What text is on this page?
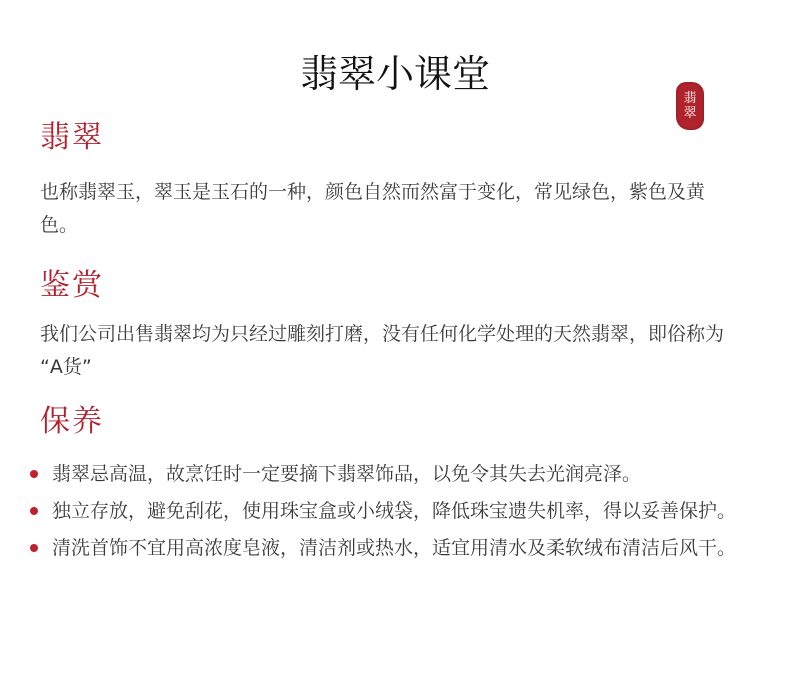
翡翠小课堂
翡
翠
翡翠

也称翡翠玉，翠玉是玉石的一种，颜色自然而然富于变化，常见绿色，紫色及黄色。

鉴赏

我们公司出售翡翠均为只经过雕刻打磨，没有任何化学处理的天然翡翠，即俗称为 “A货”

保养
翡翠忌高温，故烹饪时一定要摘下翡翠饰品，以免令其失去光润亮泽。
独立存放，避免刮花，使用珠宝盒或小绒袋，降低珠宝遗失机率，得以妥善保护。
清洗首饰不宜用高浓度皂液，清洁剂或热水，适宜用清水及柔软绒布清洁后风干。
